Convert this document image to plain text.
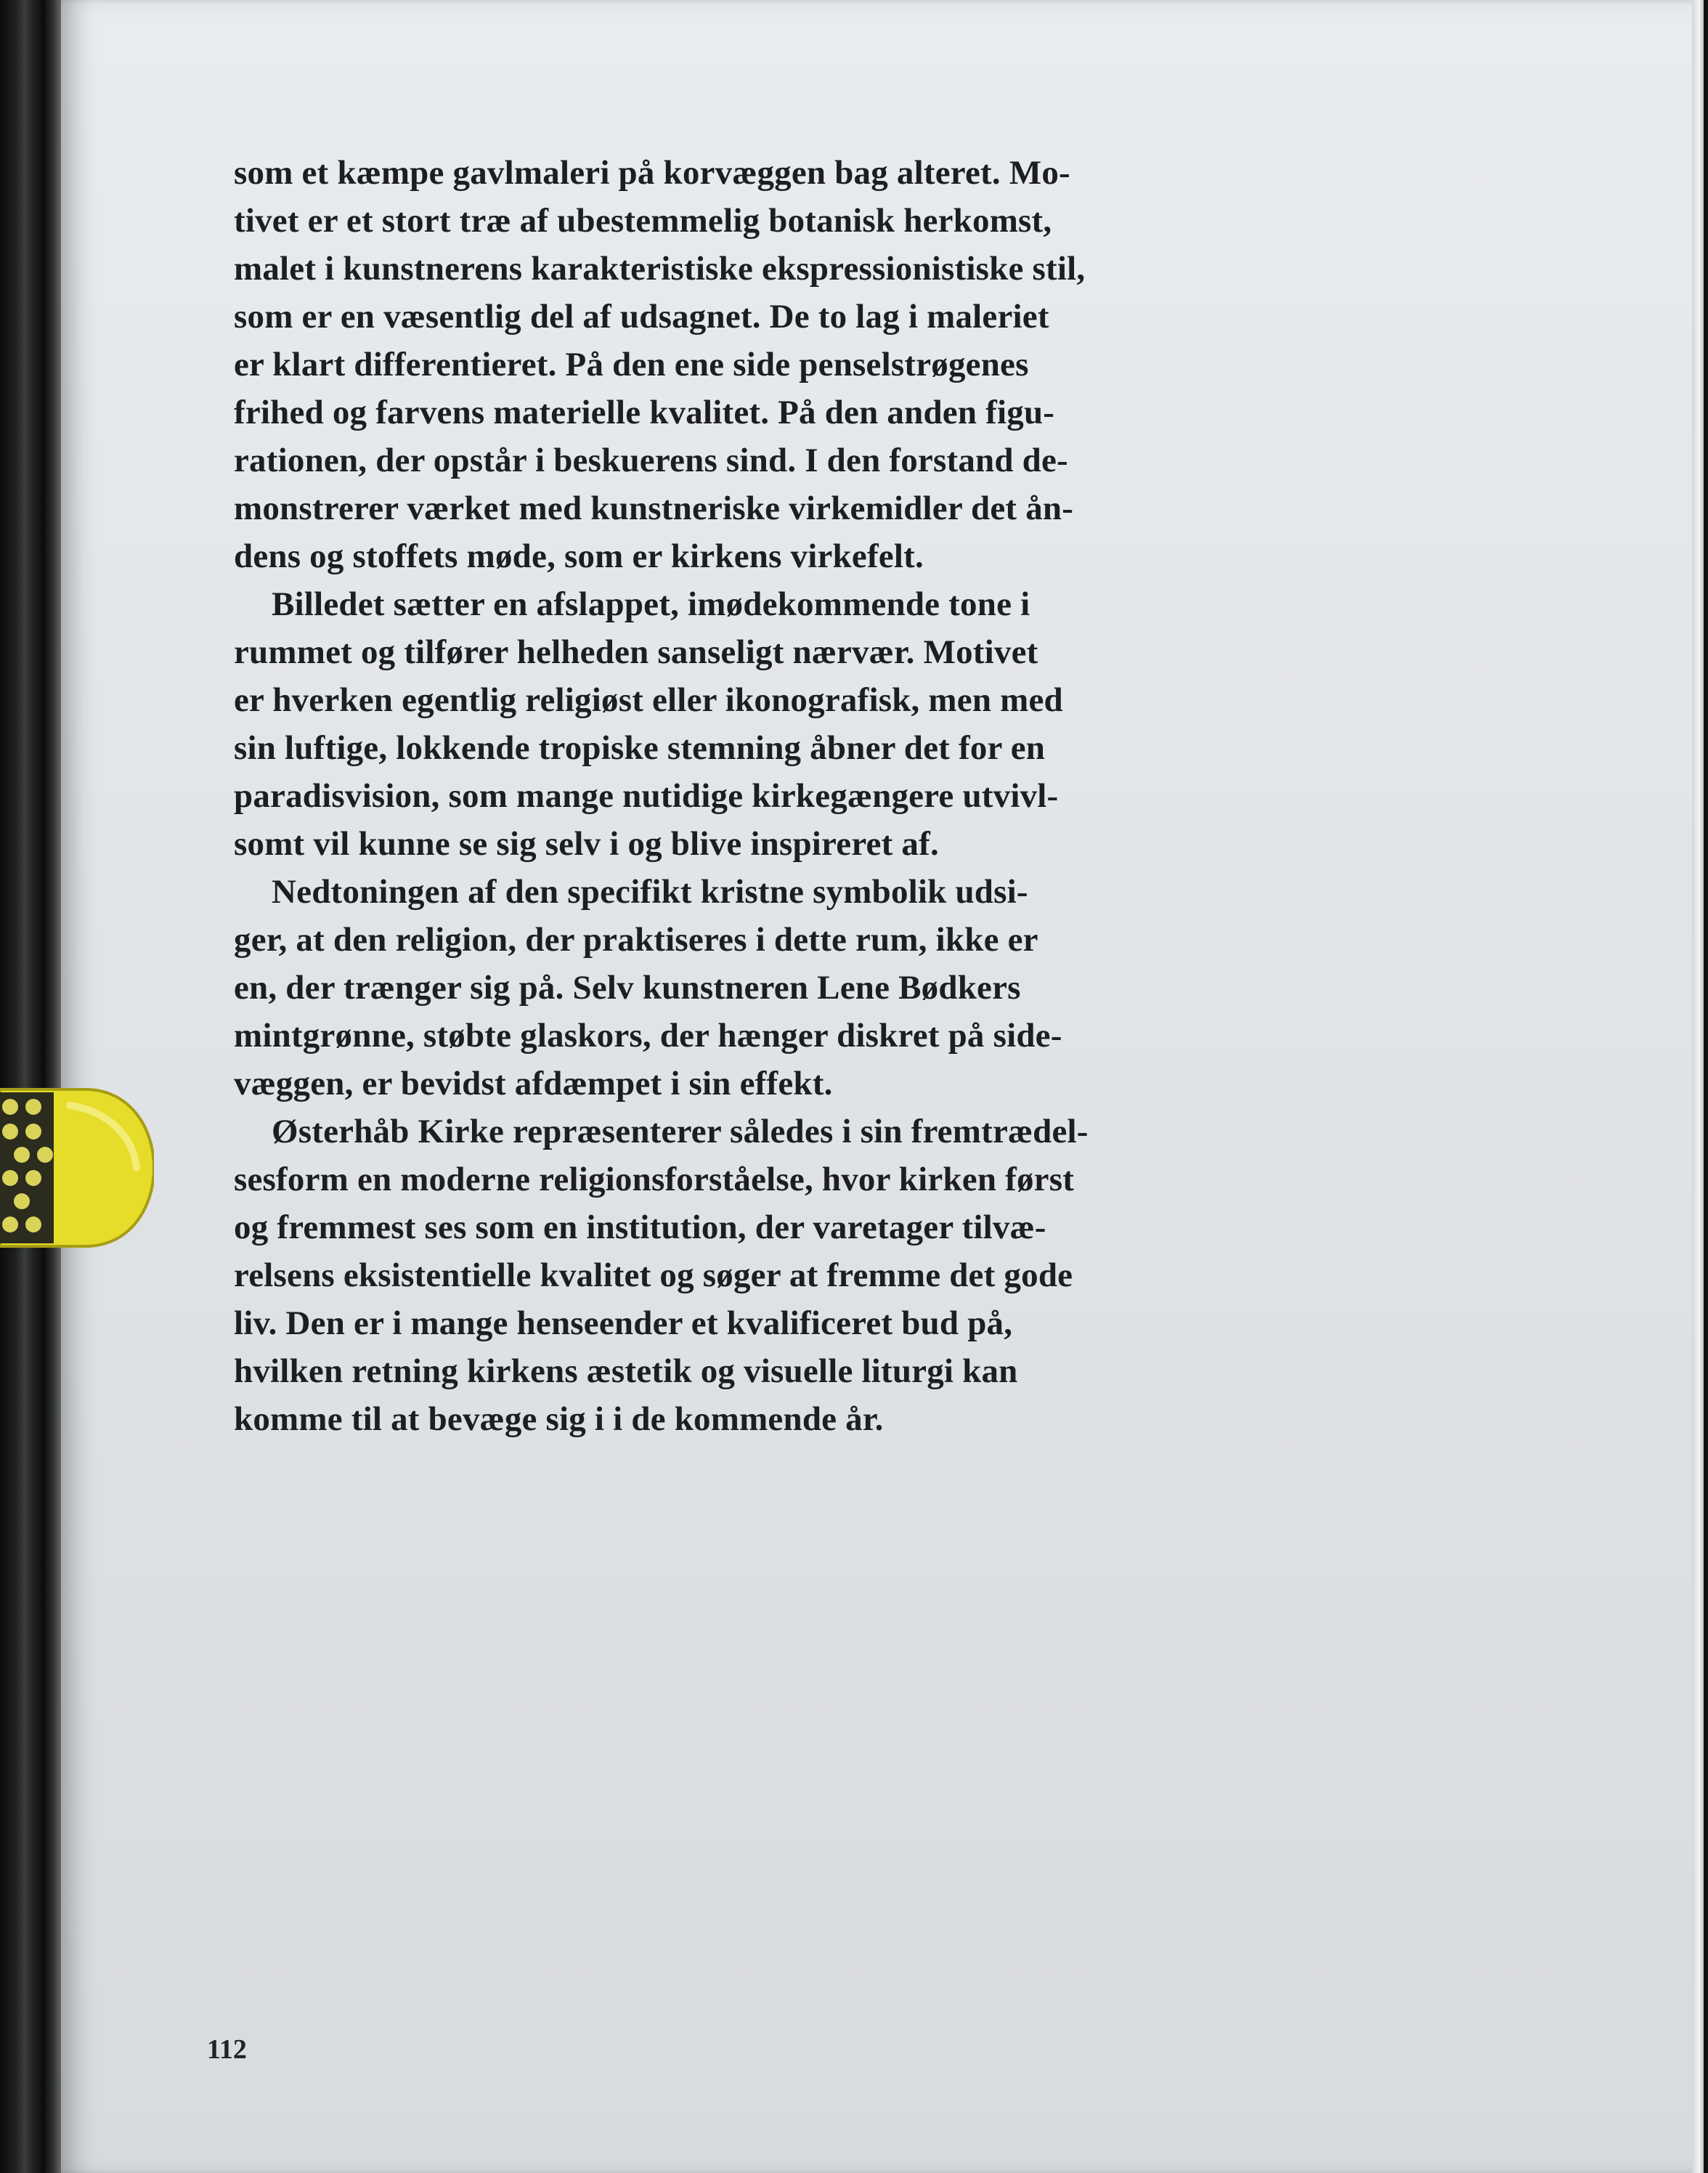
som et kæmpe gavlmaleri på korvæggen bag alteret. Mo-
tivet er et stort træ af ubestemmelig botanisk herkomst,
malet i kunstnerens karakteristiske ekspressionistiske stil,
som er en væsentlig del af udsagnet. De to lag i maleriet
er klart differentieret. På den ene side penselstrøgenes
frihed og farvens materielle kvalitet. På den anden figu-
rationen, der opstår i beskuerens sind. I den forstand de-
monstrerer værket med kunstneriske virkemidler det ån-
dens og stoffets møde, som er kirkens virkefelt.
Billedet sætter en afslappet, imødekommende tone i
rummet og tilfører helheden sanseligt nærvær. Motivet
er hverken egentlig religiøst eller ikonografisk, men med
sin luftige, lokkende tropiske stemning åbner det for en
paradisvision, som mange nutidige kirkegængere utvivl-
somt vil kunne se sig selv i og blive inspireret af.
Nedtoningen af den specifikt kristne symbolik udsi-
ger, at den religion, der praktiseres i dette rum, ikke er
en, der trænger sig på. Selv kunstneren Lene Bødkers
mintgrønne, støbte glaskors, der hænger diskret på side-
væggen, er bevidst afdæmpet i sin effekt.
Østerhåb Kirke repræsenterer således i sin fremtrædel-
sesform en moderne religionsforståelse, hvor kirken først
og fremmest ses som en institution, der varetager tilvæ-
relsens eksistentielle kvalitet og søger at fremme det gode
liv. Den er i mange henseender et kvalificeret bud på,
hvilken retning kirkens æstetik og visuelle liturgi kan
komme til at bevæge sig i i de kommende år.
112
